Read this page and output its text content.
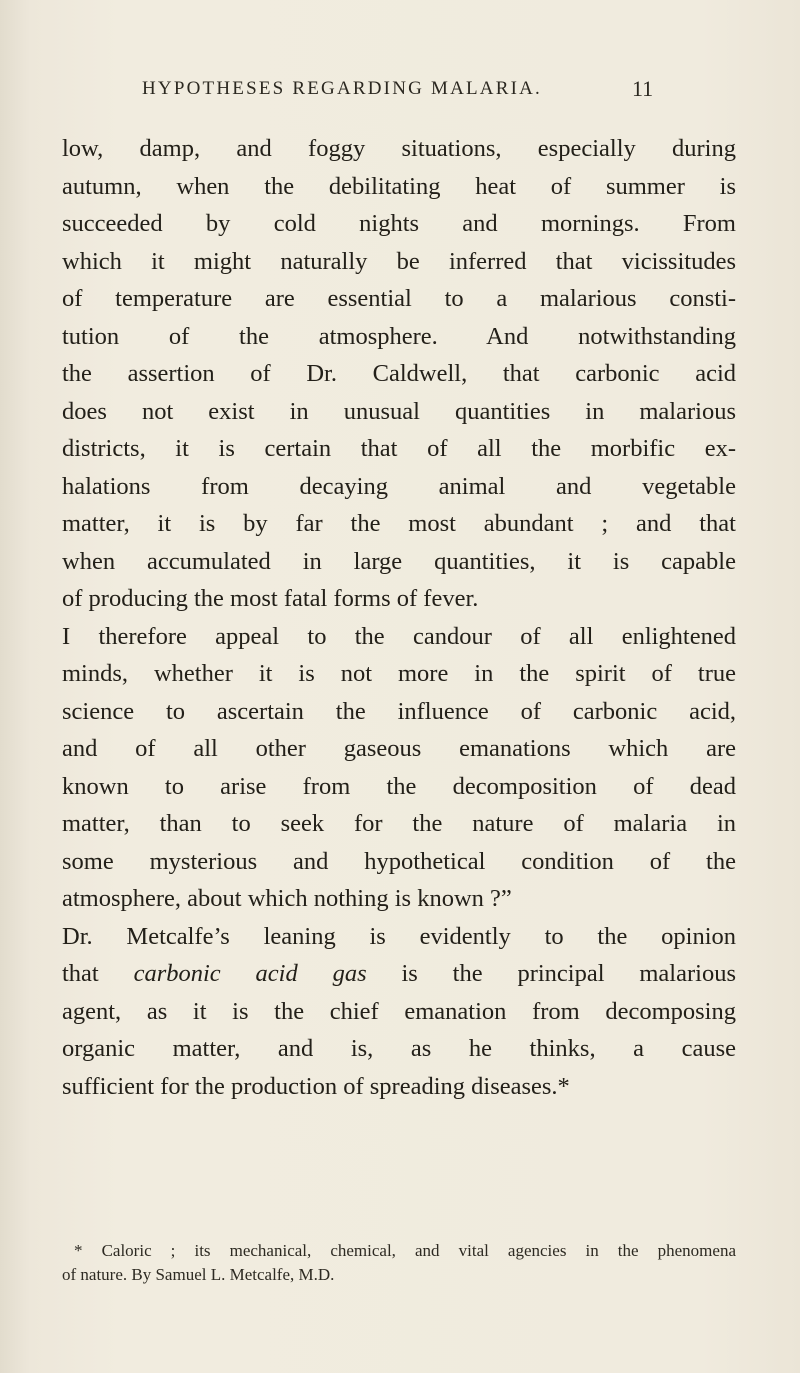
HYPOTHESES REGARDING MALARIA.	11
low, damp, and foggy situations, especially during
autumn, when the debilitating heat of summer is
succeeded by cold nights and mornings. From
which it might naturally be inferred that vicissitudes
of temperature are essential to a malarious consti-
tution of the atmosphere. And notwithstanding
the assertion of Dr. Caldwell, that carbonic acid
does not exist in unusual quantities in malarious
districts, it is certain that of all the morbific ex-
halations from decaying animal and vegetable
matter, it is by far the most abundant ; and that
when accumulated in large quantities, it is capable
of producing the most fatal forms of fever.
I therefore appeal to the candour of all enlightened
minds, whether it is not more in the spirit of true
science to ascertain the influence of carbonic acid,
and of all other gaseous emanations which are
known to arise from the decomposition of dead
matter, than to seek for the nature of malaria in
some mysterious and hypothetical condition of the
atmosphere, about which nothing is known ?”
Dr. Metcalfe’s leaning is evidently to the opinion
that carbonic acid gas is the principal malarious
agent, as it is the chief emanation from decomposing
organic matter, and is, as he thinks, a cause
sufficient for the production of spreading diseases.*
* Caloric ; its mechanical, chemical, and vital agencies in the phenomena
of nature. By Samuel L. Metcalfe, M.D.
